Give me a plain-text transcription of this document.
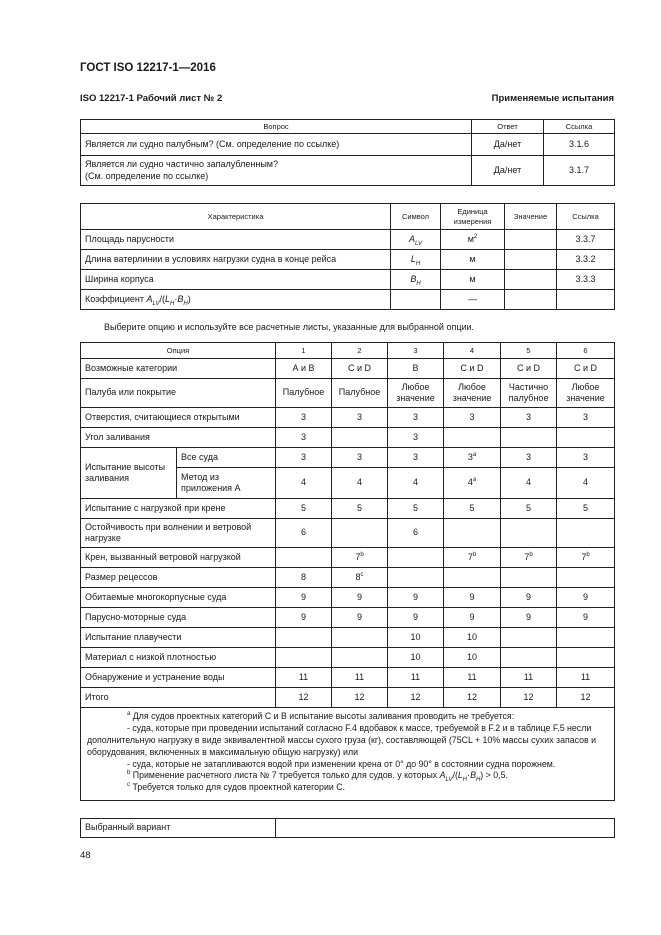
ГОСТ ISO 12217-1—2016
ISO 12217-1 Рабочий лист № 2	Применяемые испытания
Вопрос	Ответ	Ссылка
Является ли судно палубным? (См. определение по ссылке)	Да/нет	3.1.6

Является ли судно частично запалубленным?
(См. определение по ссылке)	Да/нет	3.1.7
Характеристика	Символ	Единица измерения	Значение	Ссылка
Площадь парусности	$A_{LV}$	$м^2$		3.3.7
Длина ватерлинии в условиях нагрузки судна в конце рейса	$L_H$	м		3.3.2
Ширина корпуса	$B_H$	м		3.3.3
Коэффициент $A_{LV}/(L_H\cdot B_H)$		—		
Выберите опцию и используйте все расчетные листы, указанные для выбранной опции.
Опция		1	2	3	4	5	6
Возможные категории		А и В	С и D	В	С и D	С и D	С и D
Палуба или покрытие		Палубное	Палубное	Любое значение	Любое значение	Частично палубное	Любое значение
Отверстия, считающиеся открытыми		3	3	3	3	3	3
Угол заливания		3		3			
Испытание высоты заливания	Все суда	3	3	3	3$^a$	3	3
	Метод из приложения А	4	4	4	4$^a$	4	4
Испытание с нагрузкой при крене		5	5	5	5	5	5
Остойчивость при волнении и ветровой нагрузке		6		6			
Крен, вызванный ветровой нагрузкой			7$^b$		7$^b$	7$^b$	7$^b$
Размер рецессов		8	8$^c$				
Обитаемые многокорпусные суда		9	9	9	9	9	9
Парусно-моторные суда		9	9	9	9	9	9
Испытание плавучести				10	10		
Материал с низкой плотностью				10	10		
Обнаружение и устранение воды		11	11	11	11	11	11
Итого		12	12	12	12	12	12

$^a$ Для судов проектных категорий С и В испытание высоты заливания проводить не требуется:
- суда, которые при проведении испытаний согласно F.4 вдобавок к массе, требуемой в F.2 и в таблице F.5 несли дополнительную нагрузку в виде эквивалентной массы сухого груза (кг), составляющей (75CL + 10% массы сухих запасов и оборудования, включенных в максимальную общую нагрузку) или
- суда, которые не затапливаются водой при изменении крена от 0° до 90° в состоянии судна порожнем.
$^b$ Применение расчетного листа № 7 требуется только для судов. у которых $A_{LV}/(L_H\cdot B_H) > 0,5$.
$^c$ Требуется только для судов проектной категории С.							
Выбранный вариант	
48
